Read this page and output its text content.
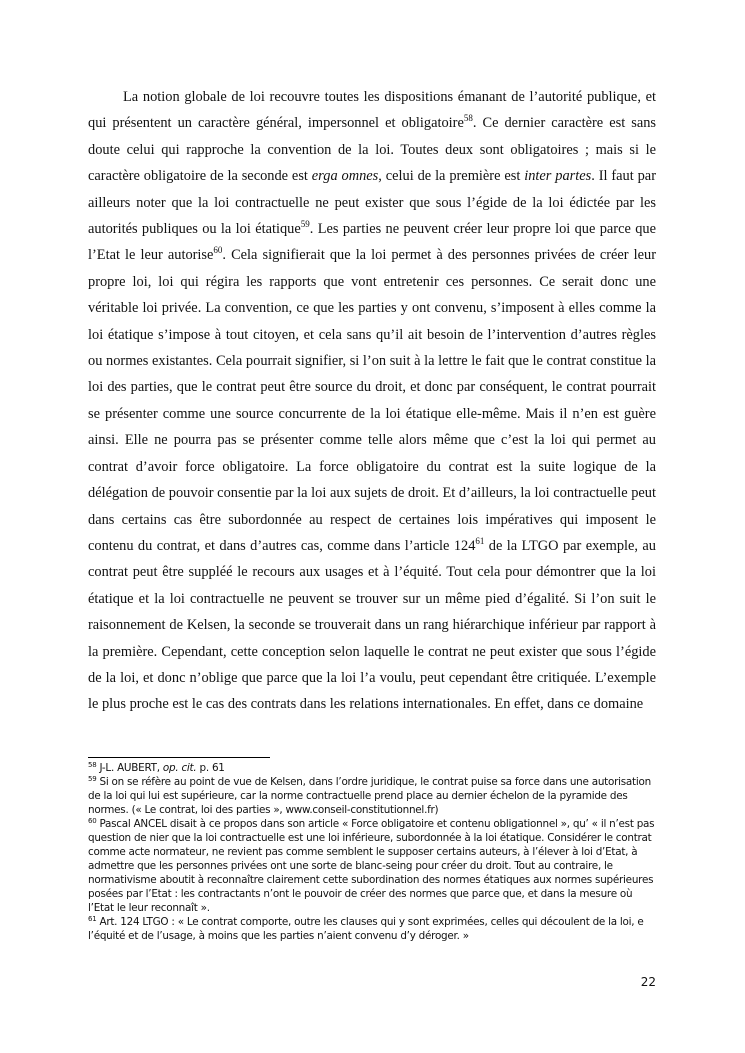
La notion globale de loi recouvre toutes les dispositions émanant de l’autorité publique, et qui présentent un caractère général, impersonnel et obligatoire$^{58}$. Ce dernier caractère est sans doute celui qui rapproche la convention de la loi. Toutes deux sont obligatoires ; mais si le caractère obligatoire de la seconde est erga omnes, celui de la première est inter partes. Il faut par ailleurs noter que la loi contractuelle ne peut exister que sous l’égide de la loi édictée par les autorités publiques ou la loi étatique$^{59}$. Les parties ne peuvent créer leur propre loi que parce que l’Etat le leur autorise$^{60}$. Cela signifierait que la loi permet à des personnes privées de créer leur propre loi, loi qui régira les rapports que vont entretenir ces personnes. Ce serait donc une véritable loi privée. La convention, ce que les parties y ont convenu, s’imposent à elles comme la loi étatique s’impose à tout citoyen, et cela sans qu’il ait besoin de l’intervention d’autres règles ou normes existantes. Cela pourrait signifier, si l’on suit à la lettre le fait que le contrat constitue la loi des parties, que le contrat peut être source du droit, et donc par conséquent, le contrat pourrait se présenter comme une source concurrente de la loi étatique elle-même. Mais il n’en est guère ainsi. Elle ne pourra pas se présenter comme telle alors même que c’est la loi qui permet au contrat d’avoir force obligatoire. La force obligatoire du contrat est la suite logique de la délégation de pouvoir consentie par la loi aux sujets de droit. Et d’ailleurs, la loi contractuelle peut dans certains cas être subordonnée au respect de certaines lois impératives qui imposent le contenu du contrat, et dans d’autres cas, comme dans l’article $124^{61}$ de la LTGO par exemple, au contrat peut être suppléé le recours aux usages et à l’équité. Tout cela pour démontrer que la loi étatique et la loi contractuelle ne peuvent se trouver sur un même pied d’égalité. Si l’on suit le raisonnement de Kelsen, la seconde se trouverait dans un rang hiérarchique inférieur par rapport à la première. Cependant, cette conception selon laquelle le contrat ne peut exister que sous l’égide de la loi, et donc n’oblige que parce que la loi l’a voulu, peut cependant être critiquée. L’exemple le plus proche est le cas des contrats dans les relations internationales. En effet, dans ce domaine

$^{58}$ J-L. AUBERT, op. cit. p. 61

$^{59}$ Si on se réfère au point de vue de Kelsen, dans l’ordre juridique, le contrat puise sa force dans une autorisation de la loi qui lui est supérieure, car la norme contractuelle prend place au dernier échelon de la pyramide des normes. (« Le contrat, loi des parties », www.conseil-constitutionnel.fr)

$^{60}$ Pascal ANCEL disait à ce propos dans son article « Force obligatoire et contenu obligationnel », qu’ « il n’est pas question de nier que la loi contractuelle est une loi inférieure, subordonnée à la loi étatique. Considérer le contrat comme acte normateur, ne revient pas comme semblent le supposer certains auteurs, à l’élever à loi d’Etat, à admettre que les personnes privées ont une sorte de blanc-seing pour créer du droit. Tout au contraire, le normativisme aboutit à reconnaître clairement cette subordination des normes étatiques aux normes supérieures posées par l’Etat : les contractants n’ont le pouvoir de créer des normes que parce que, et dans la mesure où l’Etat le leur reconnaît ».

$^{61}$ Art. 124 LTGO : « Le contrat comporte, outre les clauses qui y sont exprimées, celles qui découlent de la loi, e l’équité et de l’usage, à moins que les parties n’aient convenu d’y déroger. »

22
